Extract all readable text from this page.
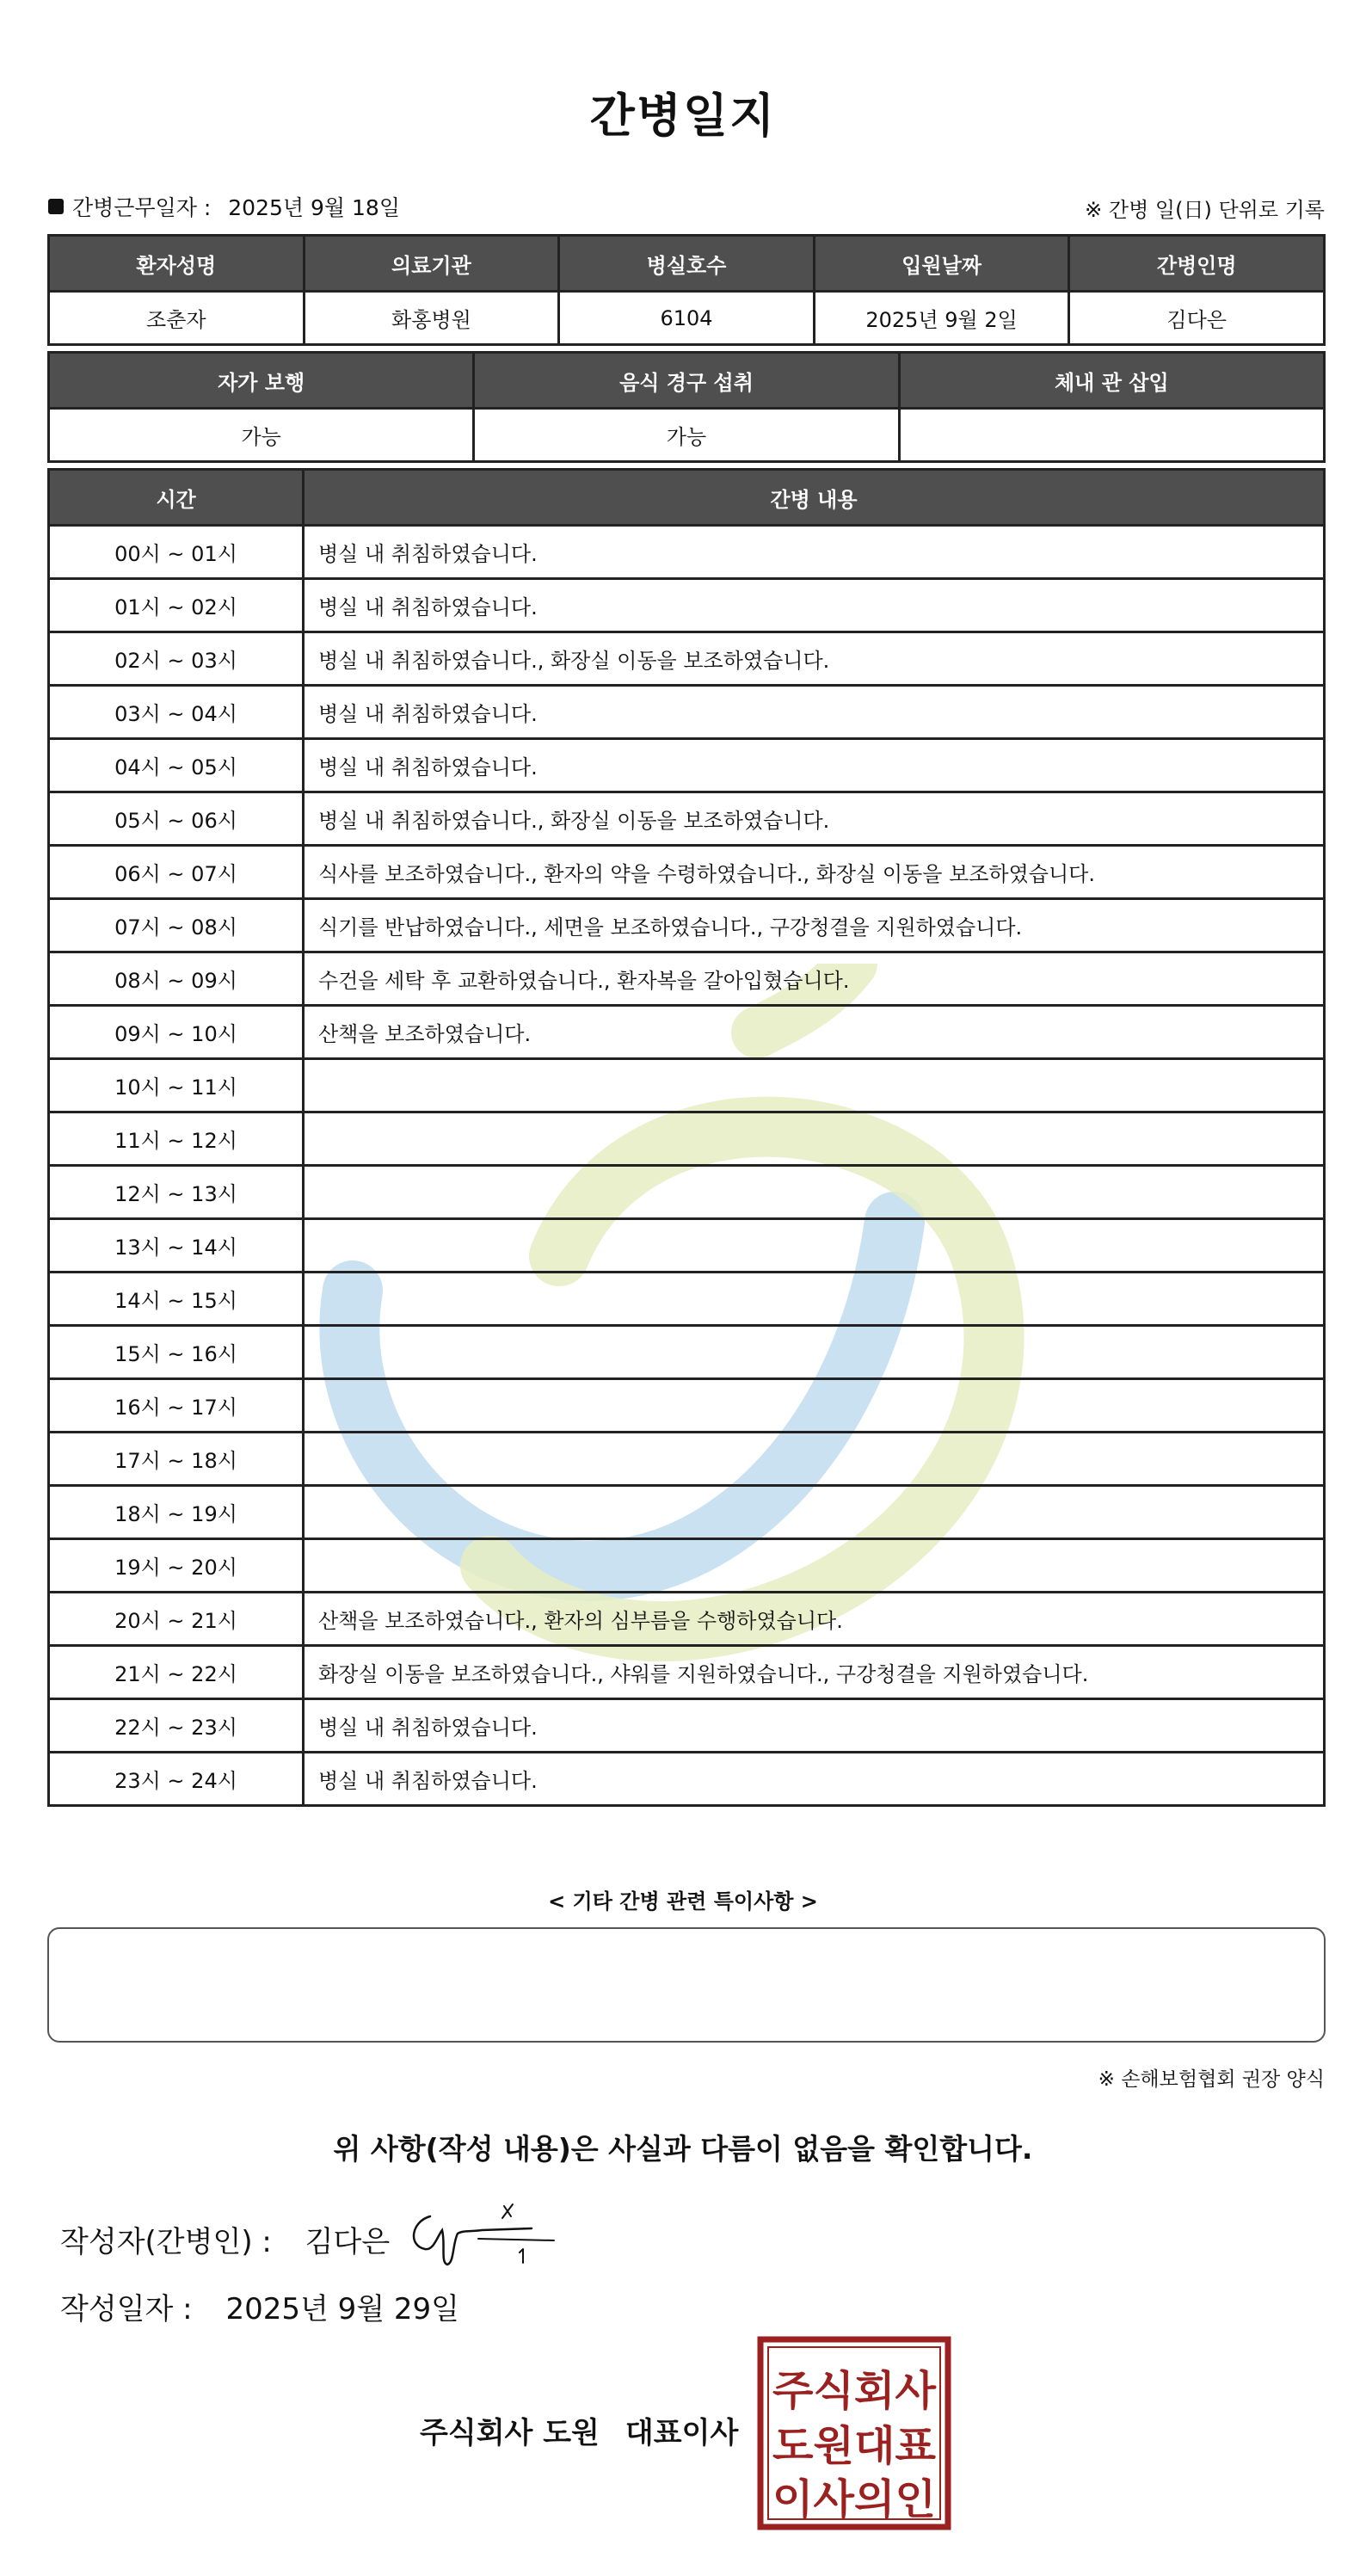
간병일지
간병근무일자 : 2025년 9월 18일	※ 간병 일(日) 단위로 기록
환자성명	의료기관	병실호수	입원날짜	간병인명
조춘자	화홍병원	6104	2025년 9월 2일	김다은
자가 보행	음식 경구 섭취	체내 관 삽입
가능	가능	
시간	간병 내용
00시 ~ 01시	병실 내 취침하였습니다.
01시 ~ 02시	병실 내 취침하였습니다.
02시 ~ 03시	병실 내 취침하였습니다., 화장실 이동을 보조하였습니다.
03시 ~ 04시	병실 내 취침하였습니다.
04시 ~ 05시	병실 내 취침하였습니다.
05시 ~ 06시	병실 내 취침하였습니다., 화장실 이동을 보조하였습니다.
06시 ~ 07시	식사를 보조하였습니다., 환자의 약을 수령하였습니다., 화장실 이동을 보조하였습니다.
07시 ~ 08시	식기를 반납하였습니다., 세면을 보조하였습니다., 구강청결을 지원하였습니다.
08시 ~ 09시	수건을 세탁 후 교환하였습니다., 환자복을 갈아입혔습니다.
09시 ~ 10시	산책을 보조하였습니다.
10시 ~ 11시	
11시 ~ 12시	
12시 ~ 13시	
13시 ~ 14시	
14시 ~ 15시	
15시 ~ 16시	
16시 ~ 17시	
17시 ~ 18시	
18시 ~ 19시	
19시 ~ 20시	
20시 ~ 21시	산책을 보조하였습니다., 환자의 심부름을 수행하였습니다.
21시 ~ 22시	화장실 이동을 보조하였습니다., 샤워를 지원하였습니다., 구강청결을 지원하였습니다.
22시 ~ 23시	병실 내 취침하였습니다.
23시 ~ 24시	병실 내 취침하였습니다.
< 기타 간병 관련 특이사항 >
※ 손해보험협회 권장 양식
위 사항(작성 내용)은 사실과 다름이 없음을 확인합니다.
작성자(간병인) : 김다은
작성일자 : 2025년 9월 29일
주식회사 도원 대표이사
주식회사
도원대표
이사의인
